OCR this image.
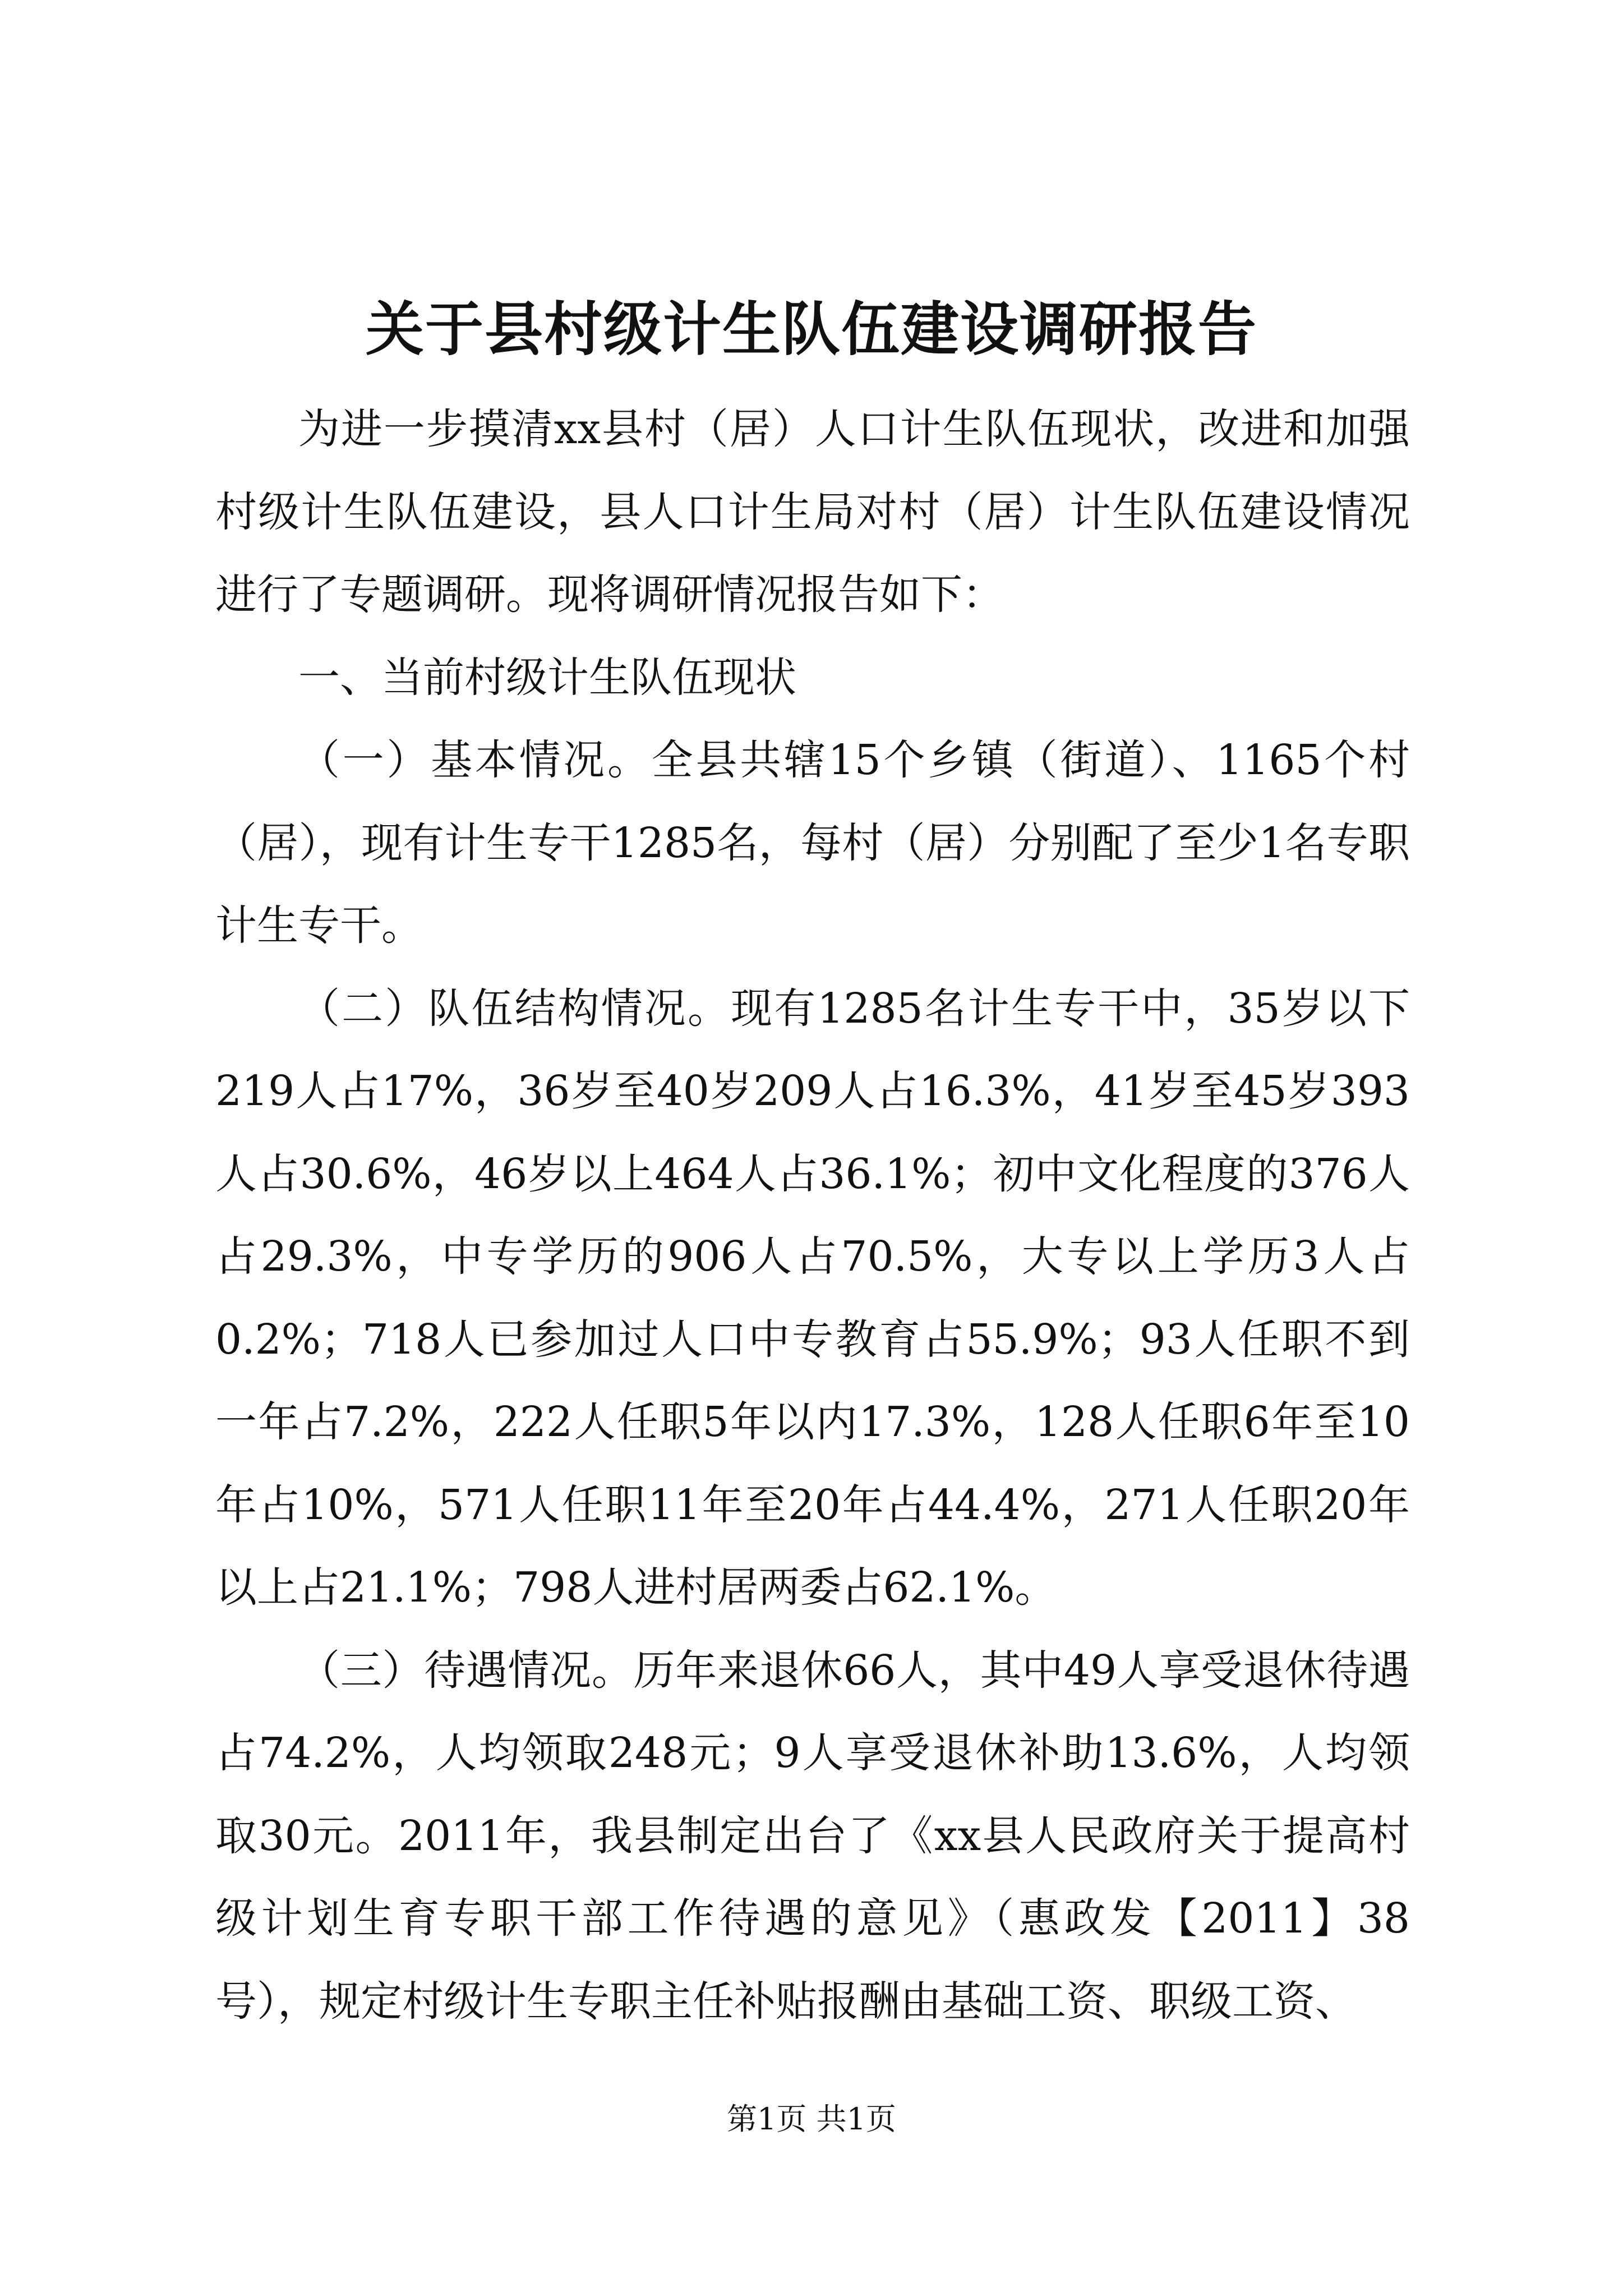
关于县村级计生队伍建设调研报告

为进一步摸清xx县村（居）人口计生队伍现状，改进和加强村级计生队伍建设，县人口计生局对村（居）计生队伍建设情况进行了专题调研。现将调研情况报告如下：

一、当前村级计生队伍现状

（一）基本情况。全县共辖15个乡镇（街道）、1165个村（居），现有计生专干1285名，每村（居）分别配了至少1名专职计生专干。

（二）队伍结构情况。现有1285名计生专干中，35岁以下219人占17%，36岁至40岁209人占16.3%，41岁至45岁393人占30.6%，46岁以上464人占36.1%；初中文化程度的376人占29.3%，中专学历的906人占70.5%，大专以上学历3人占0.2%；718人已参加过人口中专教育占55.9%；93人任职不到一年占7.2%，222人任职5年以内17.3%，128人任职6年至10年占10%，571人任职11年至20年占44.4%，271人任职20年以上占21.1%；798人进村居两委占62.1%。

（三）待遇情况。历年来退休66人，其中49人享受退休待遇占74.2%，人均领取248元；9人享受退休补助13.6%，人均领取30元。2011年，我县制定出台了《xx县人民政府关于提高村级计划生育专职干部工作待遇的意见》（惠政发【2011】38号），规定村级计生专职主任补贴报酬由基础工资、职级工资、

第1页 共1页
